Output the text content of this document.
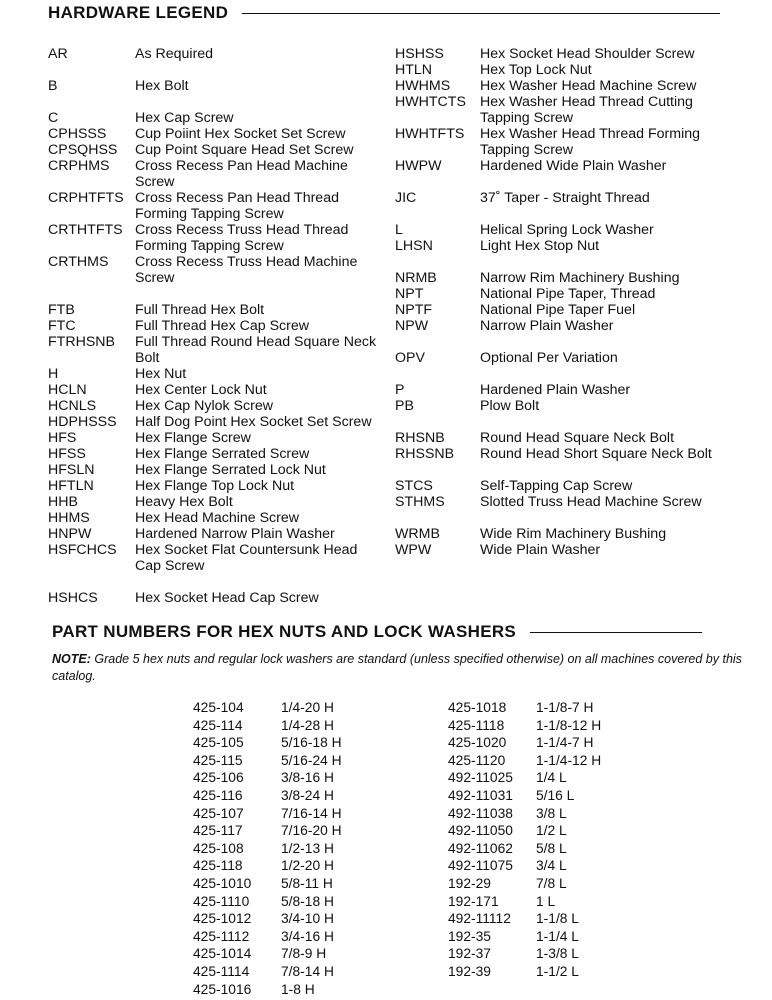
HARDWARE LEGEND
AR	As Required
B	Hex Bolt
C	Hex Cap Screw
CPHSSS	Cup Poiint Hex Socket Set Screw
CPSQHSS	Cup Point Square Head Set Screw
CRPHMS	Cross Recess Pan Head Machine Screw
CRPHTFTS Cross Recess Pan Head Thread Forming Tapping Screw
CRTHTFTS Cross Recess Truss Head Thread Forming Tapping Screw
CRTHMS	Cross Recess Truss Head Machine Screw
FTB	Full Thread Hex Bolt
FTC	Full Thread Hex Cap Screw
FTRHSNB	Full Thread Round Head Square Neck Bolt
H	Hex Nut
HCLN	Hex Center Lock Nut
HCNLS	Hex Cap Nylok Screw
HDPHSSS	Half Dog Point Hex Socket Set Screw
HFS	Hex Flange Screw
HFSS	Hex Flange Serrated Screw
HFSLN	Hex Flange Serrated Lock Nut
HFTLN	Hex Flange Top Lock Nut
HHB	Heavy Hex Bolt
HHMS	Hex Head Machine Screw
HNPW	Hardened Narrow Plain Washer
HSFCHCS	Hex Socket Flat Countersunk Head Cap Screw
HSHCS	Hex Socket Head Cap Screw
HSHSS	Hex Socket Head Shoulder Screw
HTLN	Hex Top Lock Nut
HWHMS	Hex Washer Head Machine Screw
HWHTCTS Hex Washer Head Thread Cutting Tapping Screw
HWHTFTS	Hex Washer Head Thread Forming Tapping Screw
HWPW	Hardened Wide Plain Washer
JIC	37˚ Taper - Straight Thread
L	Helical Spring Lock Washer
LHSN	Light Hex Stop Nut
NRMB	Narrow Rim Machinery Bushing
NPT	National Pipe Taper, Thread
NPTF	National Pipe Taper Fuel
NPW	Narrow Plain Washer
OPV	Optional Per Variation
P	Hardened Plain Washer
PB	Plow Bolt
RHSNB	Round Head Square Neck Bolt
RHSSNB	Round Head Short Square Neck Bolt
STCS	Self-Tapping Cap Screw
STHMS	Slotted Truss Head Machine Screw
WRMB	Wide Rim Machinery Bushing
WPW	Wide Plain Washer
PART NUMBERS FOR HEX NUTS AND LOCK WASHERS
NOTE: Grade 5 hex nuts and regular lock washers are standard (unless specified otherwise) on all machines covered by this catalog.
425-104	1/4-20 H
425-114	1/4-28 H
425-105	5/16-18 H
425-115	5/16-24 H
425-106	3/8-16 H
425-116	3/8-24 H
425-107	7/16-14 H
425-117	7/16-20 H
425-108	1/2-13 H
425-118	1/2-20 H
425-1010	5/8-11 H
425-1110	5/8-18 H
425-1012	3/4-10 H
425-1112	3/4-16 H
425-1014	7/8-9 H
425-1114	7/8-14 H
425-1016	1-8 H
425-1018	1-1/8-7 H
425-1118	1-1/8-12 H
425-1020	1-1/4-7 H
425-1120	1-1/4-12 H
492-11025	1/4 L
492-11031	5/16 L
492-11038	3/8 L
492-11050	1/2 L
492-11062	5/8 L
492-11075	3/4 L
192-29	7/8 L
192-171	1 L
492-11112	1-1/8 L
192-35	1-1/4 L
192-37	1-3/8 L
192-39	1-1/2 L
